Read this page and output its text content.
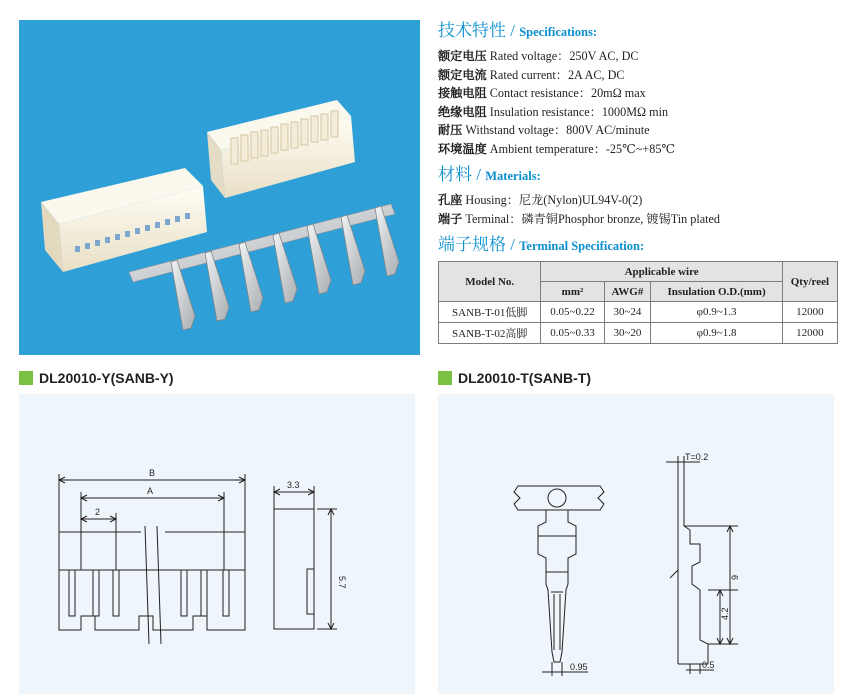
技术特性 / Specifications:
额定电压 Rated voltage：250V AC, DC
额定电流 Rated current：2A AC, DC
接触电阻 Contact resistance：20mΩ max
绝缘电阻 Insulation resistance：1000MΩ min
耐压 Withstand voltage：800V AC/minute
环境温度 Ambient temperature：-25℃~+85℃
材料 / Materials:
孔座 Housing：尼龙(Nylon)UL94V-0(2)
端子 Terminal：磷青铜Phosphor bronze, 镀锡Tin plated
端子规格 / Terminal Specification:
Model No.	Applicable wire			Qty/reel
	mm²	AWG#	Insulation O.D.(mm)	
SANB-T-01低脚	0.05~0.22	30~24	φ0.9~1.3	12000
SANB-T-02高脚	0.05~0.33	30~20	φ0.9~1.8	12000
DL20010-Y(SANB-Y)	DL20010-T(SANB-T)
B
A
2
3.3
5.7
T=0.2
9
4.2
0.95	0.5
